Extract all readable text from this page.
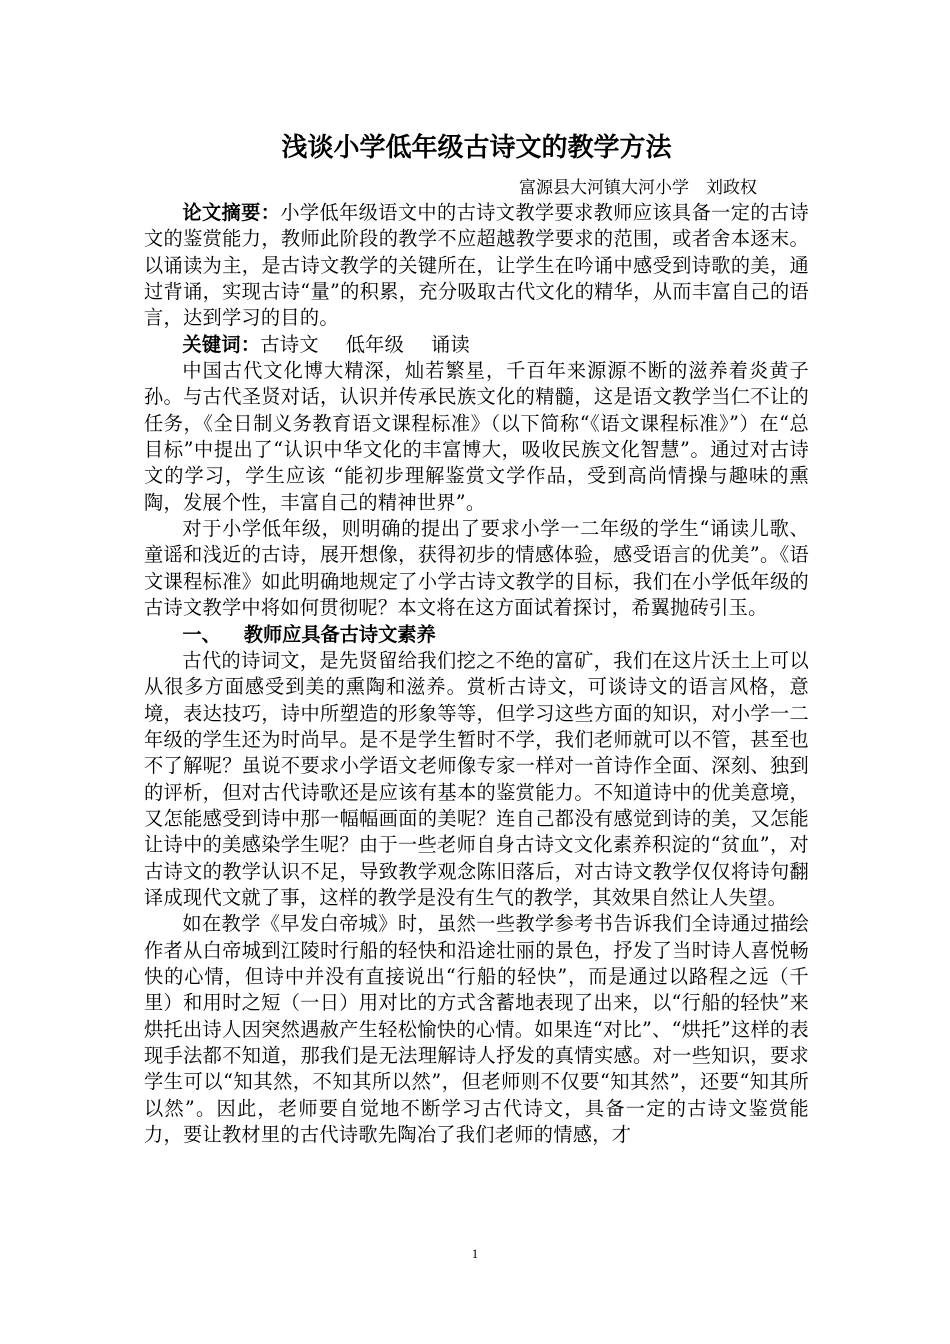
浅谈小学低年级古诗文的教学方法

富源县大河镇大河小学　刘政权

论文摘要：小学低年级语文中的古诗文教学要求教师应该具备一定的古诗文的鉴赏能力，教师此阶段的教学不应超越教学要求的范围，或者舍本逐末。以诵读为主，是古诗文教学的关键所在，让学生在吟诵中感受到诗歌的美，通过背诵，实现古诗“量”的积累，充分吸取古代文化的精华，从而丰富自己的语言，达到学习的目的。

关键词：古诗文 低年级 诵读

中国古代文化博大精深，灿若繁星，千百年来源源不断的滋养着炎黄子孙。与古代圣贤对话，认识并传承民族文化的精髓，这是语文教学当仁不让的任务，《全日制义务教育语文课程标准》（以下简称“《语文课程标准》”）在“总目标”中提出了“认识中华文化的丰富博大，吸收民族文化智慧”。通过对古诗文的学习，学生应该 “能初步理解鉴赏文学作品，受到高尚情操与趣味的熏陶，发展个性，丰富自己的精神世界”。

对于小学低年级，则明确的提出了要求小学一二年级的学生“诵读儿歌、童谣和浅近的古诗，展开想像，获得初步的情感体验，感受语言的优美”。《语文课程标准》如此明确地规定了小学古诗文教学的目标，我们在小学低年级的古诗文教学中将如何贯彻呢？本文将在这方面试着探讨，希翼抛砖引玉。

一、 教师应具备古诗文素养

古代的诗词文，是先贤留给我们挖之不绝的富矿，我们在这片沃土上可以从很多方面感受到美的熏陶和滋养。赏析古诗文，可谈诗文的语言风格，意境，表达技巧，诗中所塑造的形象等等，但学习这些方面的知识，对小学一二年级的学生还为时尚早。是不是学生暂时不学，我们老师就可以不管，甚至也不了解呢？虽说不要求小学语文老师像专家一样对一首诗作全面、深刻、独到的评析，但对古代诗歌还是应该有基本的鉴赏能力。不知道诗中的优美意境，又怎能感受到诗中那一幅幅画面的美呢？连自己都没有感觉到诗的美，又怎能让诗中的美感染学生呢？由于一些老师自身古诗文文化素养积淀的“贫血”，对古诗文的教学认识不足，导致教学观念陈旧落后，对古诗文教学仅仅将诗句翻译成现代文就了事，这样的教学是没有生气的教学，其效果自然让人失望。

如在教学《早发白帝城》时，虽然一些教学参考书告诉我们全诗通过描绘作者从白帝城到江陵时行船的轻快和沿途壮丽的景色，抒发了当时诗人喜悦畅快的心情，但诗中并没有直接说出“行船的轻快”，而是通过以路程之远（千里）和用时之短（一日）用对比的方式含蓄地表现了出来，以“行船的轻快”来烘托出诗人因突然遇赦产生轻松愉快的心情。如果连“对比”、“烘托”这样的表现手法都不知道，那我们是无法理解诗人抒发的真情实感。对一些知识，要求学生可以“知其然，不知其所以然”，但老师则不仅要“知其然”，还要“知其所以然”。因此，老师要自觉地不断学习古代诗文，具备一定的古诗文鉴赏能力，要让教材里的古代诗歌先陶冶了我们老师的情感，才

1
